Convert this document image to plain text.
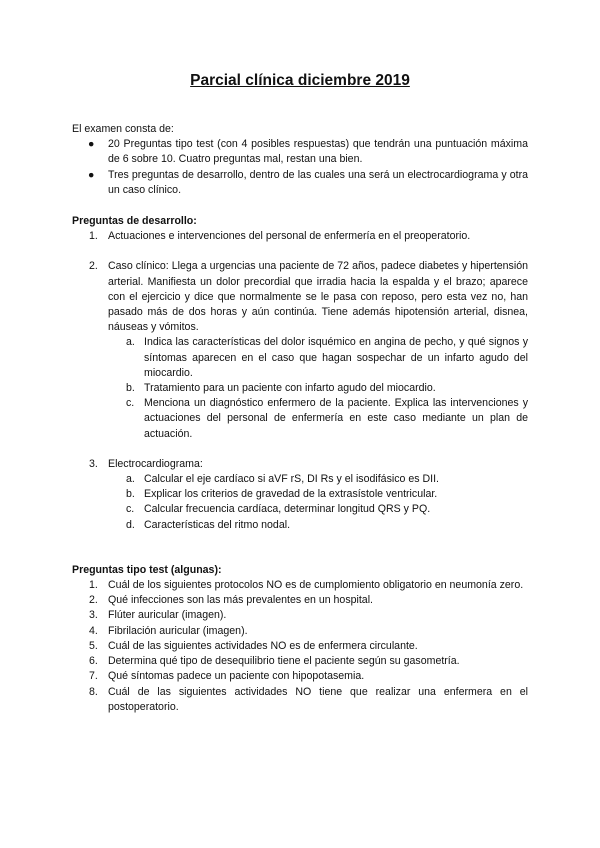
Parcial clínica diciembre 2019

El examen consta de:

● 20 Preguntas tipo test (con 4 posibles respuestas) que tendrán una puntuación máxima de 6 sobre 10. Cuatro preguntas mal, restan una bien.
● Tres preguntas de desarrollo, dentro de las cuales una será un electrocardiograma y otra un caso clínico.

Preguntas de desarrollo:

1. Actuaciones e intervenciones del personal de enfermería en el preoperatorio.
2. Caso clínico: Llega a urgencias una paciente de 72 años, padece diabetes y hipertensión arterial. Manifiesta un dolor precordial que irradia hacia la espalda y el brazo; aparece con el ejercicio y dice que normalmente se le pasa con reposo, pero esta vez no, han pasado más de dos horas y aún continúa. Tiene además hipotensión arterial, disnea, náuseas y vómitos.
a. Indica las características del dolor isquémico en angina de pecho, y qué signos y síntomas aparecen en el caso que hagan sospechar de un infarto agudo del miocardio.
b. Tratamiento para un paciente con infarto agudo del miocardio.
c. Menciona un diagnóstico enfermero de la paciente. Explica las intervenciones y actuaciones del personal de enfermería en este caso mediante un plan de actuación.
3. Electrocardiograma:
a. Calcular el eje cardíaco si aVF rS, DI Rs y el isodifásico es DII.
b. Explicar los criterios de gravedad de la extrasístole ventricular.
c. Calcular frecuencia cardíaca, determinar longitud QRS y PQ.
d. Características del ritmo nodal.

Preguntas tipo test (algunas):

1. Cuál de los siguientes protocolos NO es de cumplomiento obligatorio en neumonía zero.
2. Qué infecciones son las más prevalentes en un hospital.
3. Flúter auricular (imagen).
4. Fibrilación auricular (imagen).
5. Cuál de las siguientes actividades NO es de enfermera circulante.
6. Determina qué tipo de desequilibrio tiene el paciente según su gasometría.
7. Qué síntomas padece un paciente con hipopotasemia.
8. Cuál de las siguientes actividades NO tiene que realizar una enfermera en el postoperatorio.
